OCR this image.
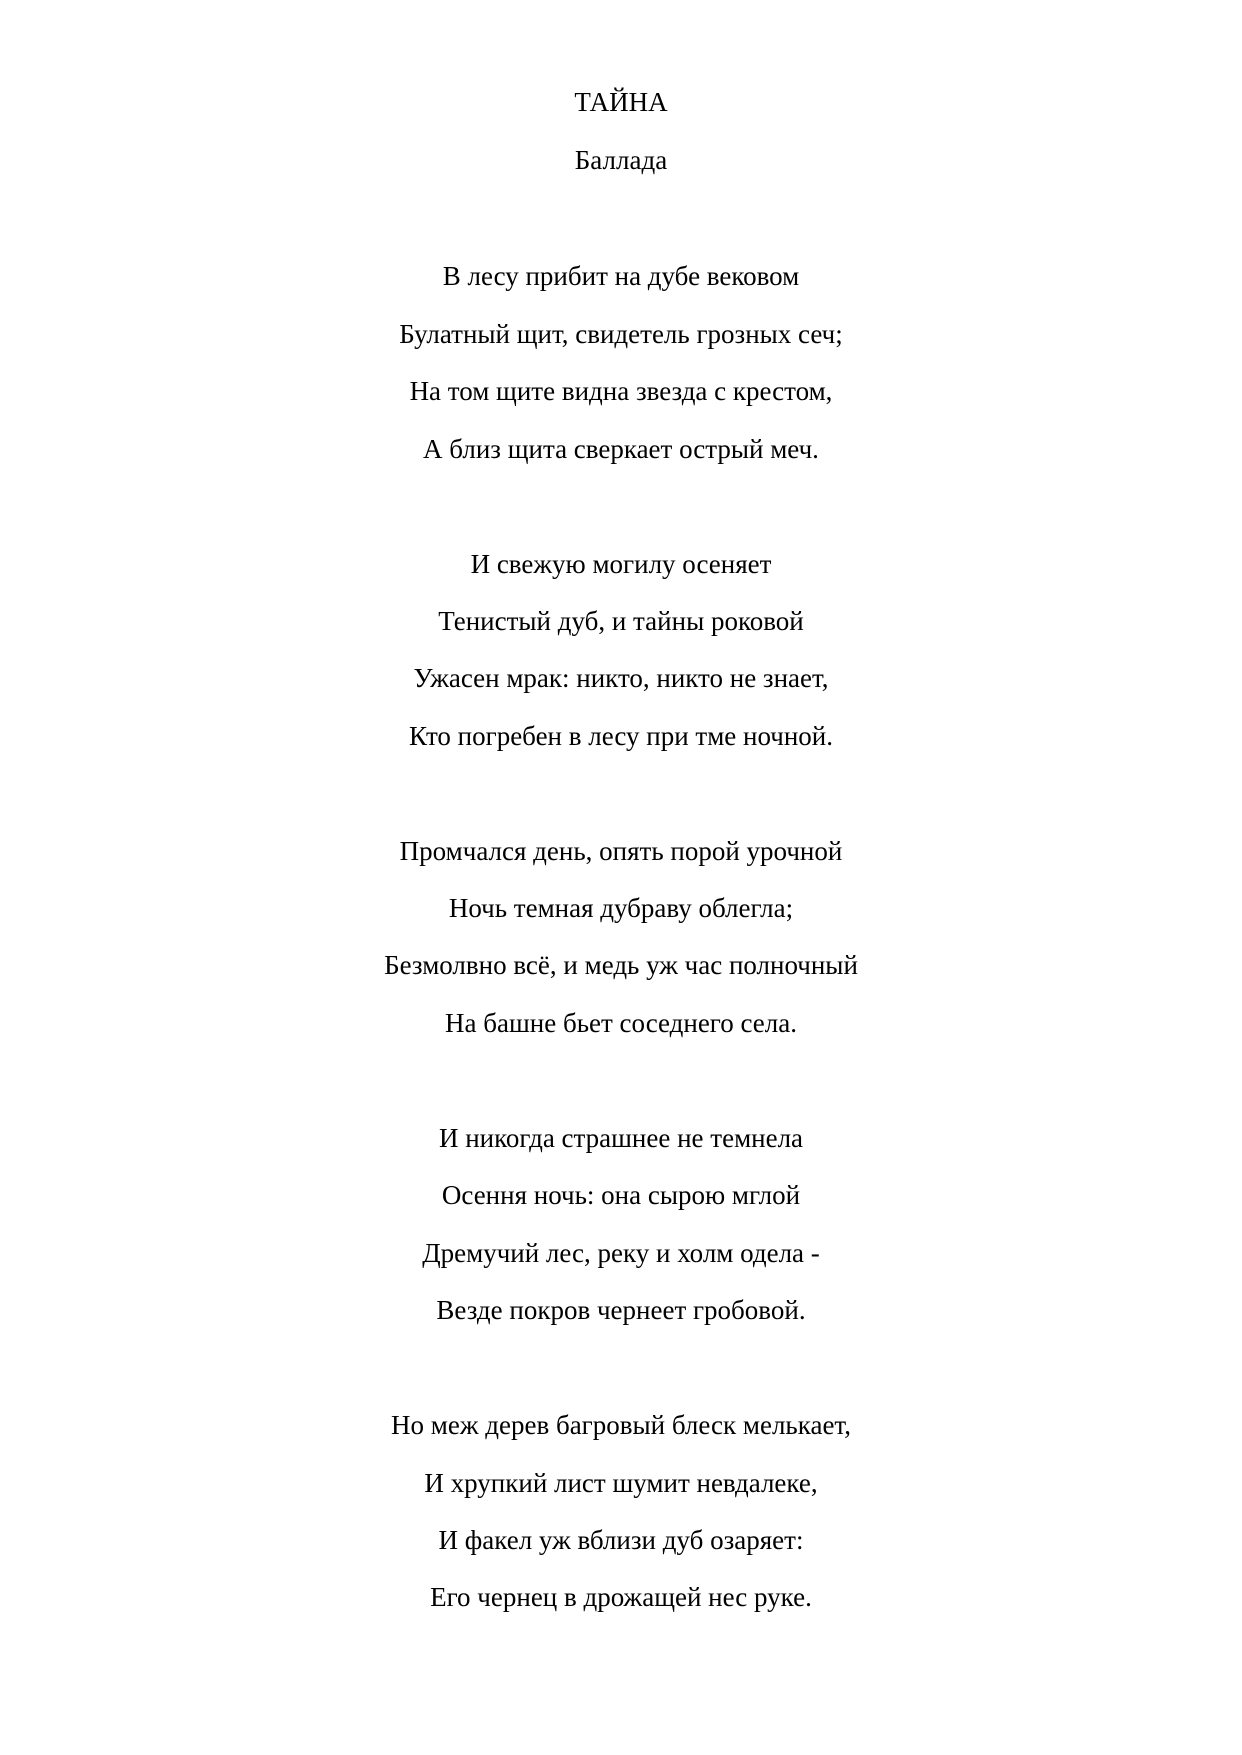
ТАЙНА
Баллада
В лесу прибит на дубе вековом
Булатный щит, свидетель грозных сеч;
На том щите видна звезда с крестом,
А близ щита сверкает острый меч.
И свежую могилу осеняет
Тенистый дуб, и тайны роковой
Ужасен мрак: никто, никто не знает,
Кто погребен в лесу при тме ночной.
Промчался день, опять порой урочной
Ночь темная дубраву облегла;
Безмолвно всё, и медь уж час полночный
На башне бьет соседнего села.
И никогда страшнее не темнела
Осення ночь: она сырою мглой
Дремучий лес, реку и холм одела -
Везде покров чернеет гробовой.
Но меж дерев багровый блеск мелькает,
И хрупкий лист шумит невдалеке,
И факел уж вблизи дуб озаряет:
Его чернец в дрожащей нес руке.
